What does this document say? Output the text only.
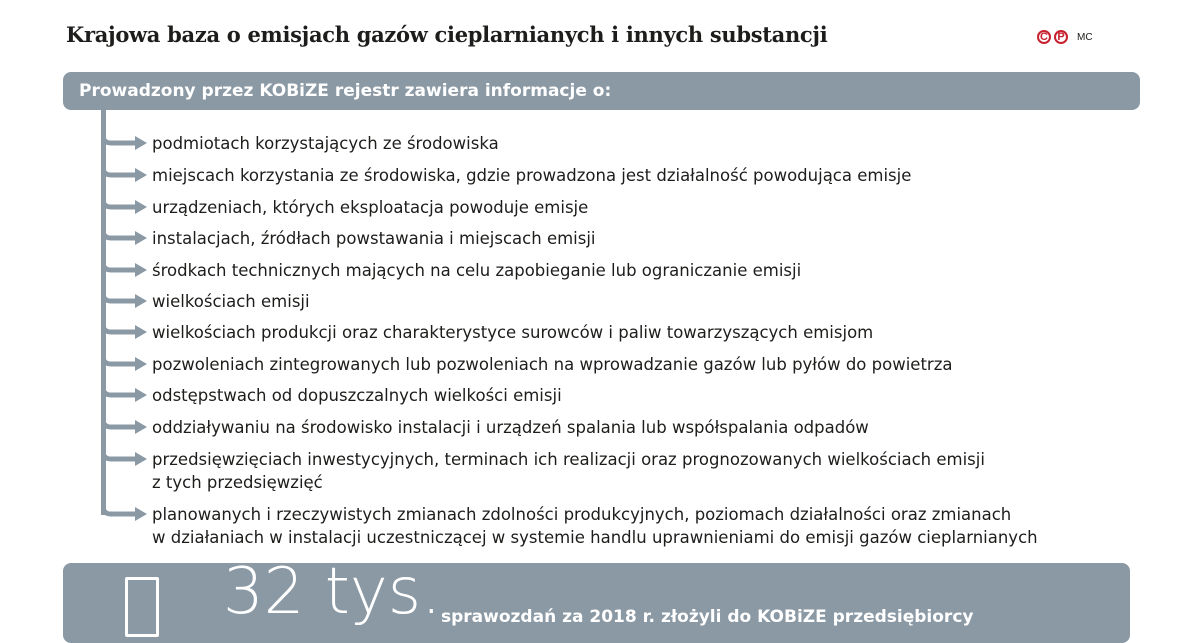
Krajowa baza o emisjach gazów cieplarnianych i innych substancji	C P	MC
Prowadzony przez KOBiZE rejestr zawiera informacje o:
podmiotach korzystających ze środowiska
miejscach korzystania ze środowiska, gdzie prowadzona jest działalność powodująca emisje
urządzeniach, których eksploatacja powoduje emisje
instalacjach, źródłach powstawania i miejscach emisji
środkach technicznych mających na celu zapobieganie lub ograniczanie emisji
wielkościach emisji
wielkościach produkcji oraz charakterystyce surowców i paliw towarzyszących emisjom
pozwoleniach zintegrowanych lub pozwoleniach na wprowadzanie gazów lub pyłów do powietrza
odstępstwach od dopuszczalnych wielkości emisji
oddziaływaniu na środowisko instalacji i urządzeń spalania lub współspalania odpadów
przedsięwzięciach inwestycyjnych, terminach ich realizacji oraz prognozowanych wielkościach emisji
z tych przedsięwzięć
planowanych i rzeczywistych zmianach zdolności produkcyjnych, poziomach działalności oraz zmianach
w działaniach w instalacji uczestniczącej w systemie handlu uprawnieniami do emisji gazów cieplarnianych
32 tys. sprawozdań za 2018 r. złożyli do KOBiZE przedsiębiorcy
